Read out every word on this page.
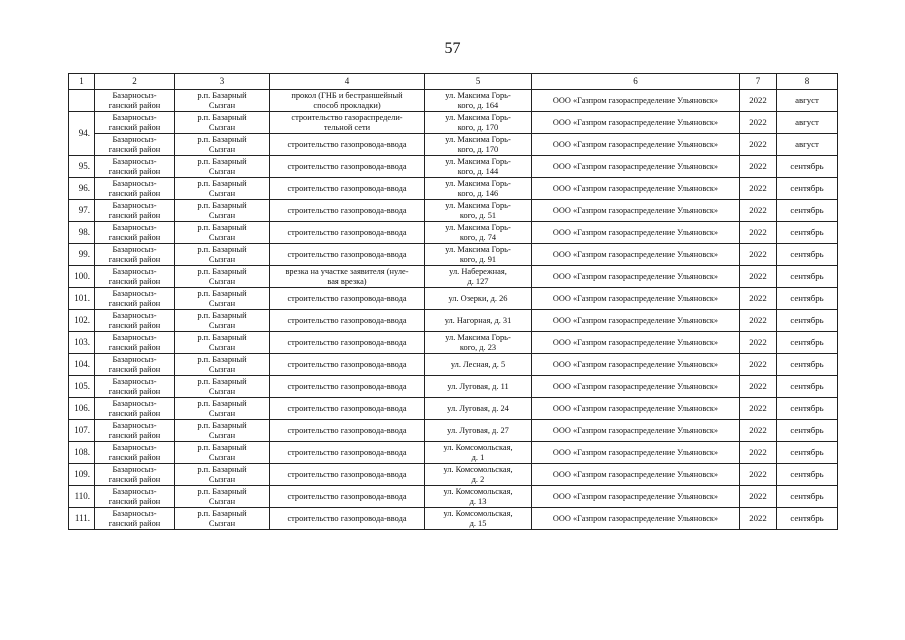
57
1	2	3	4	5	6	7	8
	Базарносыз-
ганский район	р.п. Базарный
Сызган	прокол (ГНБ и бестраншейный
способ прокладки)	ул. Максима Горь-
кого, д. 164	ООО «Газпром газораспределение Ульяновск»	2022	август
94.	Базарносыз-
ганский район	р.п. Базарный
Сызган	строительство газораспредели-
тельной сети	ул. Максима Горь-
кого, д. 170	ООО «Газпром газораспределение Ульяновск»	2022	август
	Базарносыз-
ганский район	р.п. Базарный
Сызган	строительство газопровода-ввода	ул. Максима Горь-
кого, д. 170	ООО «Газпром газораспределение Ульяновск»	2022	август
95.	Базарносыз-
ганский район	р.п. Базарный
Сызган	строительство газопровода-ввода	ул. Максима Горь-
кого, д. 144	ООО «Газпром газораспределение Ульяновск»	2022	сентябрь
96.	Базарносыз-
ганский район	р.п. Базарный
Сызган	строительство газопровода-ввода	ул. Максима Горь-
кого, д. 146	ООО «Газпром газораспределение Ульяновск»	2022	сентябрь
97.	Базарносыз-
ганский район	р.п. Базарный
Сызган	строительство газопровода-ввода	ул. Максима Горь-
кого, д. 51	ООО «Газпром газораспределение Ульяновск»	2022	сентябрь
98.	Базарносыз-
ганский район	р.п. Базарный
Сызган	строительство газопровода-ввода	ул. Максима Горь-
кого, д. 74	ООО «Газпром газораспределение Ульяновск»	2022	сентябрь
99.	Базарносыз-
ганский район	р.п. Базарный
Сызган	строительство газопровода-ввода	ул. Максима Горь-
кого, д. 91	ООО «Газпром газораспределение Ульяновск»	2022	сентябрь
100.	Базарносыз-
ганский район	р.п. Базарный
Сызган	врезка на участке заявителя (нуле-
вая врезка)	ул. Набережная,
д. 127	ООО «Газпром газораспределение Ульяновск»	2022	сентябрь
101.	Базарносыз-
ганский район	р.п. Базарный
Сызган	строительство газопровода-ввода	ул. Озерки, д. 26	ООО «Газпром газораспределение Ульяновск»	2022	сентябрь
102.	Базарносыз-
ганский район	р.п. Базарный
Сызган	строительство газопровода-ввода	ул. Нагорная, д. 31	ООО «Газпром газораспределение Ульяновск»	2022	сентябрь
103.	Базарносыз-
ганский район	р.п. Базарный
Сызган	строительство газопровода-ввода	ул. Максима Горь-
кого, д. 23	ООО «Газпром газораспределение Ульяновск»	2022	сентябрь
104.	Базарносыз-
ганский район	р.п. Базарный
Сызган	строительство газопровода-ввода	ул. Лесная, д. 5	ООО «Газпром газораспределение Ульяновск»	2022	сентябрь
105.	Базарносыз-
ганский район	р.п. Базарный
Сызган	строительство газопровода-ввода	ул. Луговая, д. 11	ООО «Газпром газораспределение Ульяновск»	2022	сентябрь
106.	Базарносыз-
ганский район	р.п. Базарный
Сызган	строительство газопровода-ввода	ул. Луговая, д. 24	ООО «Газпром газораспределение Ульяновск»	2022	сентябрь
107.	Базарносыз-
ганский район	р.п. Базарный
Сызган	строительство газопровода-ввода	ул. Луговая, д. 27	ООО «Газпром газораспределение Ульяновск»	2022	сентябрь
108.	Базарносыз-
ганский район	р.п. Базарный
Сызган	строительство газопровода-ввода	ул. Комсомольская,
д. 1	ООО «Газпром газораспределение Ульяновск»	2022	сентябрь
109.	Базарносыз-
ганский район	р.п. Базарный
Сызган	строительство газопровода-ввода	ул. Комсомольская,
д. 2	ООО «Газпром газораспределение Ульяновск»	2022	сентябрь
110.	Базарносыз-
ганский район	р.п. Базарный
Сызган	строительство газопровода-ввода	ул. Комсомольская,
д. 13	ООО «Газпром газораспределение Ульяновск»	2022	сентябрь
111.	Базарносыз-
ганский район	р.п. Базарный
Сызган	строительство газопровода-ввода	ул. Комсомольская,
д. 15	ООО «Газпром газораспределение Ульяновск»	2022	сентябрь
